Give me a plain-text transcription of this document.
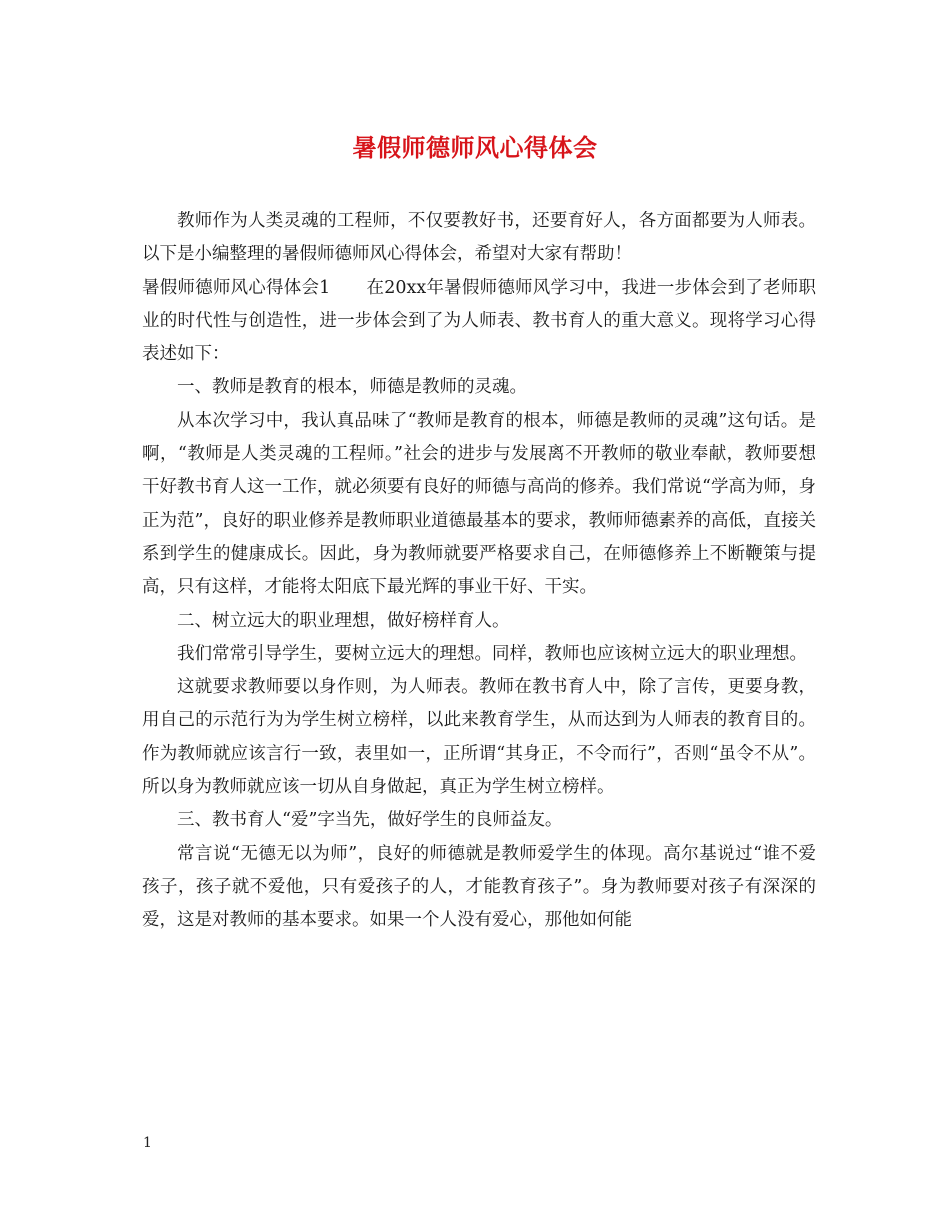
暑假师德师风心得体会

教师作为人类灵魂的工程师，不仅要教好书，还要育好人，各方面都要为人师表。以下是小编整理的暑假师德师风心得体会，希望对大家有帮助！

暑假师德师风心得体会1 在20xx年暑假师德师风学习中，我进一步体会到了老师职业的时代性与创造性，进一步体会到了为人师表、教书育人的重大意义。现将学习心得表述如下：

一、教师是教育的根本，师德是教师的灵魂。

从本次学习中，我认真品味了“教师是教育的根本，师德是教师的灵魂”这句话。是啊，“教师是人类灵魂的工程师。”社会的进步与发展离不开教师的敬业奉献，教师要想干好教书育人这一工作，就必须要有良好的师德与高尚的修养。我们常说“学高为师，身正为范”，良好的职业修养是教师职业道德最基本的要求，教师师德素养的高低，直接关系到学生的健康成长。因此，身为教师就要严格要求自己，在师德修养上不断鞭策与提高，只有这样，才能将太阳底下最光辉的事业干好、干实。

二、树立远大的职业理想，做好榜样育人。

我们常常引导学生，要树立远大的理想。同样，教师也应该树立远大的职业理想。

这就要求教师要以身作则，为人师表。教师在教书育人中，除了言传，更要身教，用自己的示范行为为学生树立榜样，以此来教育学生，从而达到为人师表的教育目的。作为教师就应该言行一致，表里如一，正所谓“其身正，不令而行”，否则“虽令不从”。所以身为教师就应该一切从自身做起，真正为学生树立榜样。

三、教书育人“爱”字当先，做好学生的良师益友。

常言说“无德无以为师”，良好的师德就是教师爱学生的体现。高尔基说过“谁不爱孩子，孩子就不爱他，只有爱孩子的人，才能教育孩子”。身为教师要对孩子有深深的爱，这是对教师的基本要求。如果一个人没有爱心，那他如何能

1
